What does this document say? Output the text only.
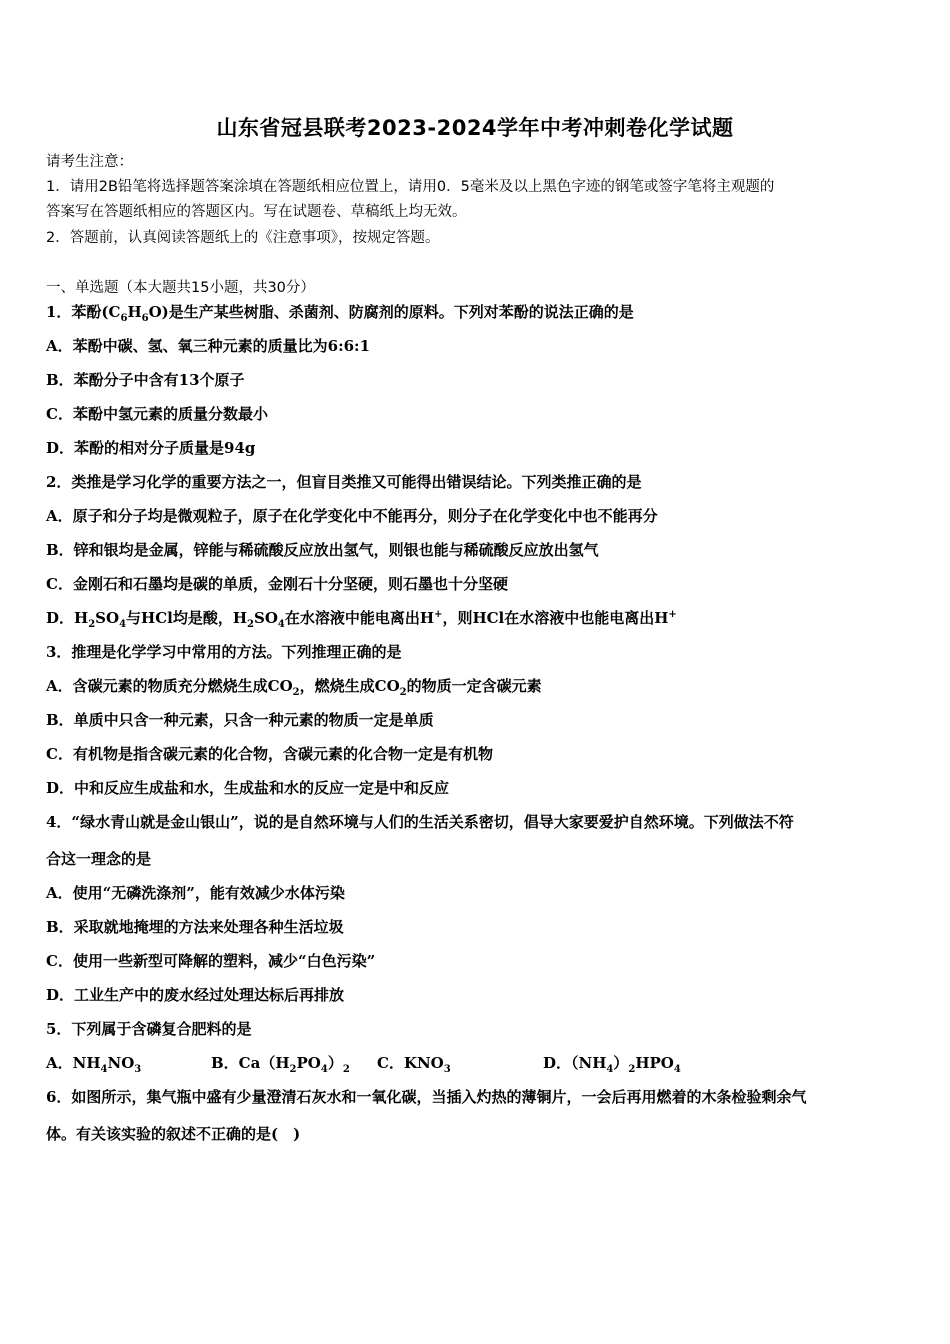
山东省冠县联考2023-2024学年中考冲刺卷化学试题
请考生注意：
1．请用2B铅笔将选择题答案涂填在答题纸相应位置上，请用0．5毫米及以上黑色字迹的钢笔或签字笔将主观题的
答案写在答题纸相应的答题区内。写在试题卷、草稿纸上均无效。
2．答题前，认真阅读答题纸上的《注意事项》，按规定答题。
一、单选题（本大题共15小题，共30分）
1．苯酚$(C_6H_6O)$是生产某些树脂、杀菌剂、防腐剂的原料。下列对苯酚的说法正确的是
A．苯酚中碳、氢、氧三种元素的质量比为6:6:1
B．苯酚分子中含有13个原子
C．苯酚中氢元素的质量分数最小
D．苯酚的相对分子质量是94g
2．类推是学习化学的重要方法之一，但盲目类推又可能得出错误结论。下列类推正确的是
A．原子和分子均是微观粒子，原子在化学变化中不能再分，则分子在化学变化中也不能再分
B．锌和银均是金属，锌能与稀硫酸反应放出氢气，则银也能与稀硫酸反应放出氢气
C．金刚石和石墨均是碳的单质，金刚石十分坚硬，则石墨也十分坚硬
D．$H_2SO_4$与HCl均是酸，$H_2SO_4$在水溶液中能电离出H+，则HCl在水溶液中也能电离出H+
3．推理是化学学习中常用的方法。下列推理正确的是
A．含碳元素的物质充分燃烧生成$CO_2$，燃烧生成$CO_2$的物质一定含碳元素
B．单质中只含一种元素，只含一种元素的物质一定是单质
C．有机物是指含碳元素的化合物，含碳元素的化合物一定是有机物
D．中和反应生成盐和水，生成盐和水的反应一定是中和反应
4．“绿水青山就是金山银山”，说的是自然环境与人们的生活关系密切，倡导大家要爱护自然环境。下列做法不符
合这一理念的是
A．使用“无磷洗涤剂”，能有效减少水体污染
B．采取就地掩埋的方法来处理各种生活垃圾
C．使用一些新型可降解的塑料，减少“白色污染”
D．工业生产中的废水经过处理达标后再排放
5．下列属于含磷复合肥料的是
A．$NH_4NO_3$	B．$Ca(H_2PO_4)_2$ C．$KNO_3$	D．$(NH_4)_2HPO_4$
6．如图所示，集气瓶中盛有少量澄清石灰水和一氧化碳，当插入灼热的薄铜片，一会后再用燃着的木条检验剩余气
体。有关该实验的叙述不正确的是(　)
